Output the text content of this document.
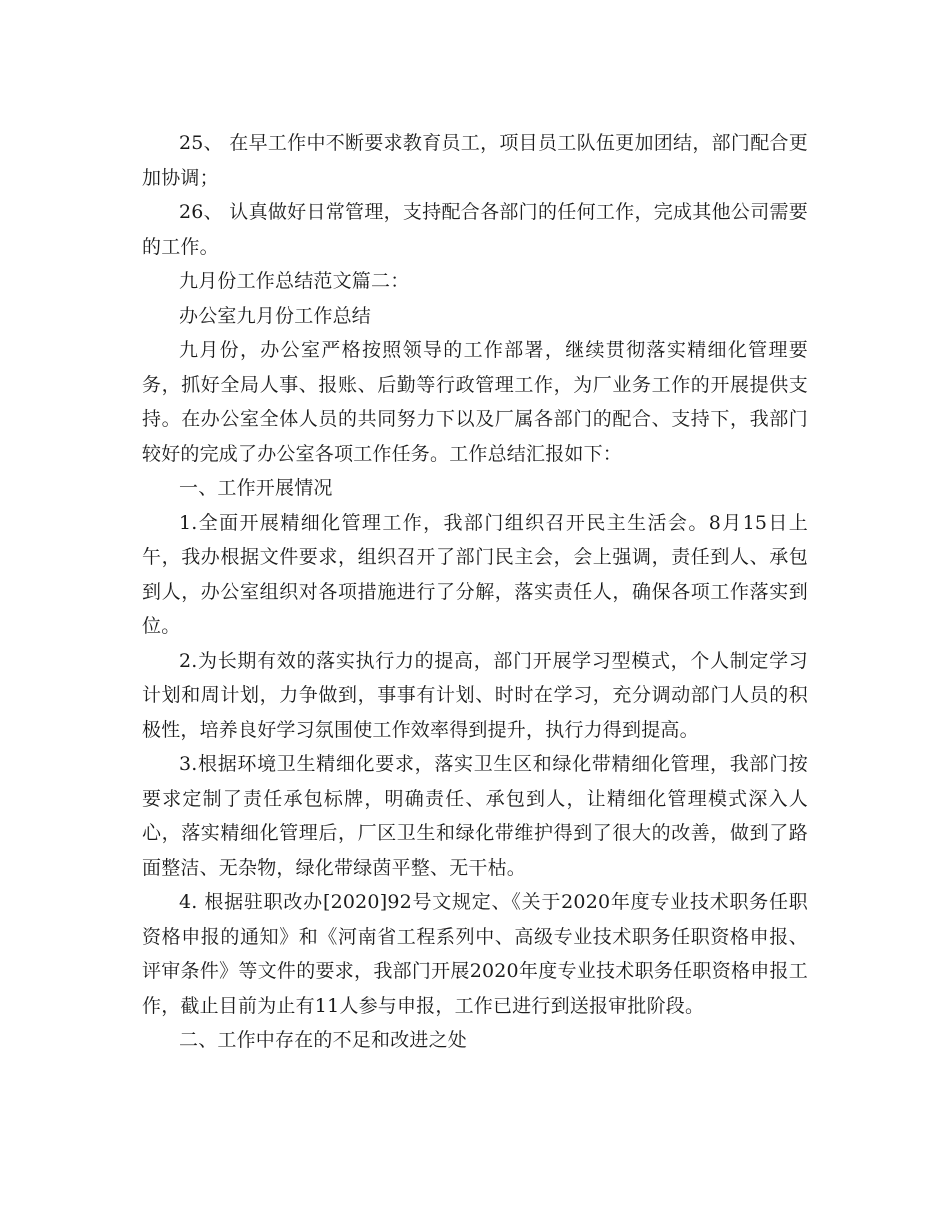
25、 在早工作中不断要求教育员工，项目员工队伍更加团结，部门配合更加协调；

26、 认真做好日常管理，支持配合各部门的任何工作，完成其他公司需要的工作。

九月份工作总结范文篇二：

办公室九月份工作总结

九月份，办公室严格按照领导的工作部署，继续贯彻落实精细化管理要务，抓好全局人事、报账、后勤等行政管理工作，为厂业务工作的开展提供支持。在办公室全体人员的共同努力下以及厂属各部门的配合、支持下，我部门较好的完成了办公室各项工作任务。工作总结汇报如下：

一、工作开展情况

1.全面开展精细化管理工作，我部门组织召开民主生活会。8月15日上午，我办根据文件要求，组织召开了部门民主会，会上强调，责任到人、承包到人，办公室组织对各项措施进行了分解，落实责任人，确保各项工作落实到位。

2.为长期有效的落实执行力的提高，部门开展学习型模式，个人制定学习计划和周计划，力争做到，事事有计划、时时在学习，充分调动部门人员的积极性，培养良好学习氛围使工作效率得到提升，执行力得到提高。

3.根据环境卫生精细化要求，落实卫生区和绿化带精细化管理，我部门按要求定制了责任承包标牌，明确责任、承包到人，让精细化管理模式深入人心，落实精细化管理后，厂区卫生和绿化带维护得到了很大的改善，做到了路面整洁、无杂物，绿化带绿茵平整、无干枯。

4. 根据驻职改办[2020]92号文规定、《关于2020年度专业技术职务任职资格申报的通知》和《河南省工程系列中、高级专业技术职务任职资格申报、评审条件》等文件的要求，我部门开展2020年度专业技术职务任职资格申报工作，截止目前为止有11人参与申报，工作已进行到送报审批阶段。

二、工作中存在的不足和改进之处
